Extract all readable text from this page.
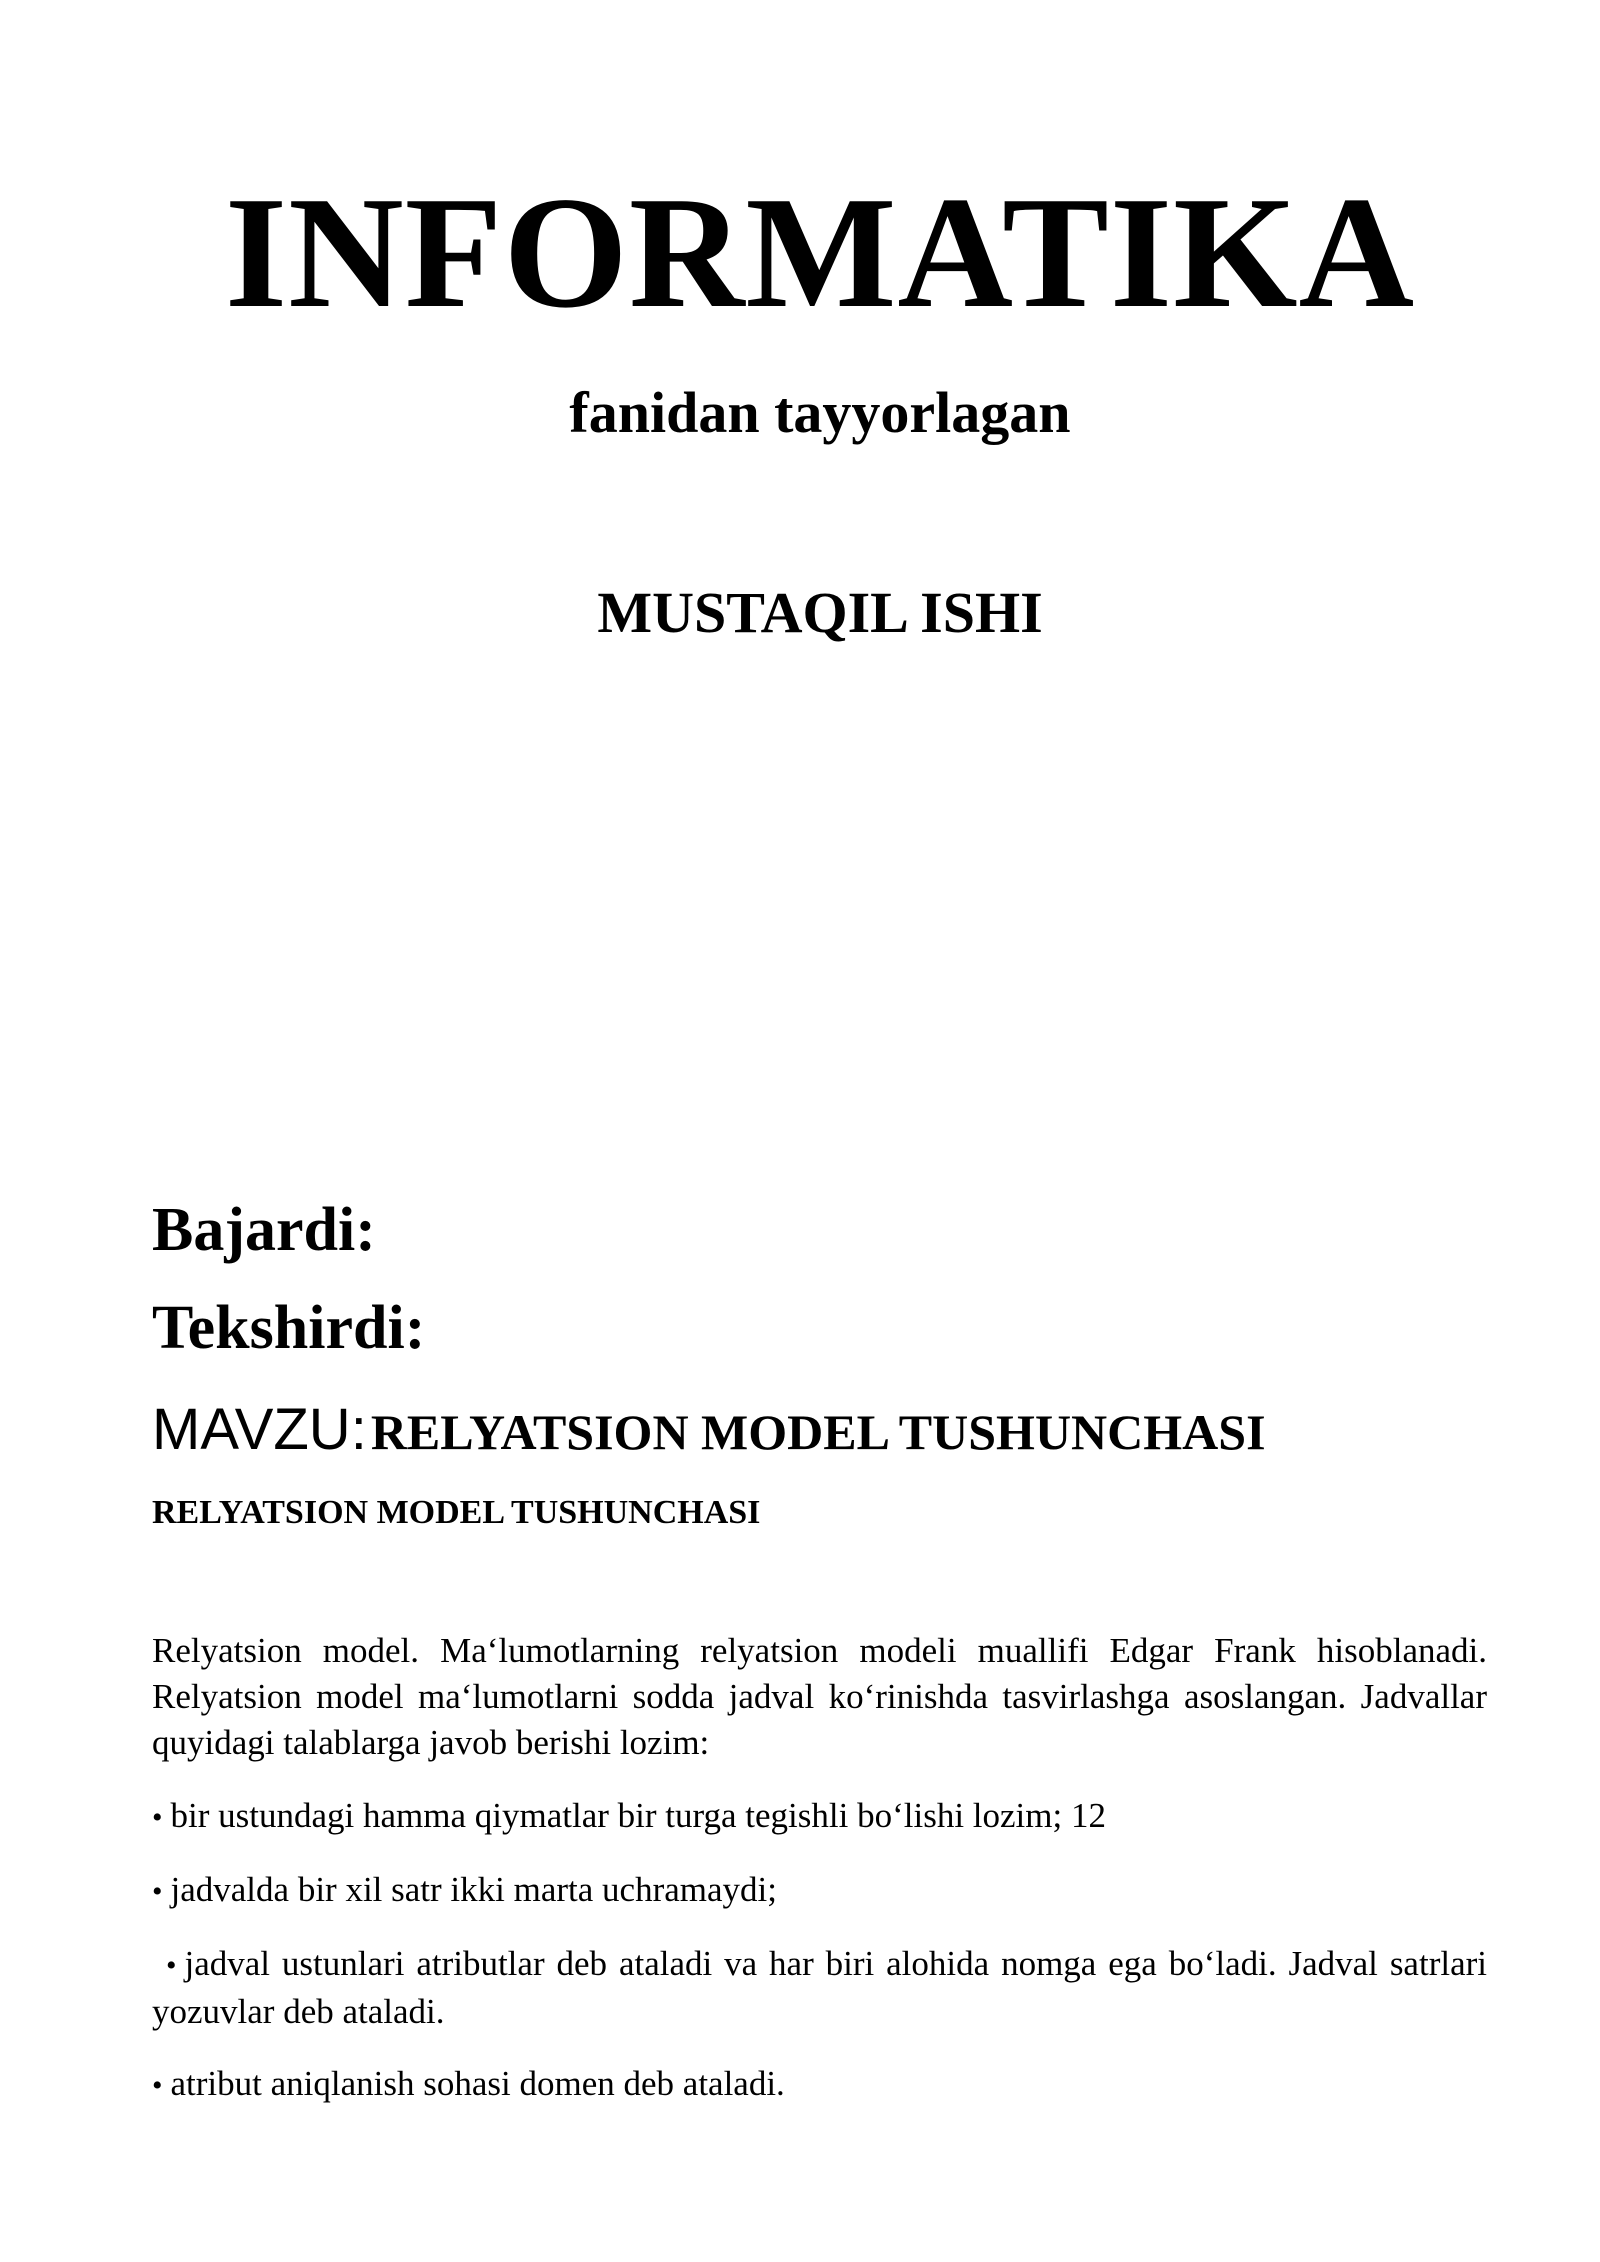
INFORMATIKA
fanidan tayyorlagan
MUSTAQIL ISHI

Bajardi:

Tekshirdi:

MAVZU: RELYATSION MODEL TUSHUNCHASI

RELYATSION MODEL TUSHUNCHASI

Relyatsion model. Ma‘lumotlarning relyatsion modeli muallifi Edgar Frank hisoblanadi. Relyatsion model ma‘lumotlarni sodda jadval ko‘rinishda tasvirlashga asoslangan. Jadvallar quyidagi talablarga javob berishi lozim:

• bir ustundagi hamma qiymatlar bir turga tegishli bo‘lishi lozim; 12
• jadvalda bir xil satr ikki marta uchramaydi;
• jadval ustunlari atributlar deb ataladi va har biri alohida nomga ega bo‘ladi. Jadval satrlari yozuvlar deb ataladi.
• atribut aniqlanish sohasi domen deb ataladi.
